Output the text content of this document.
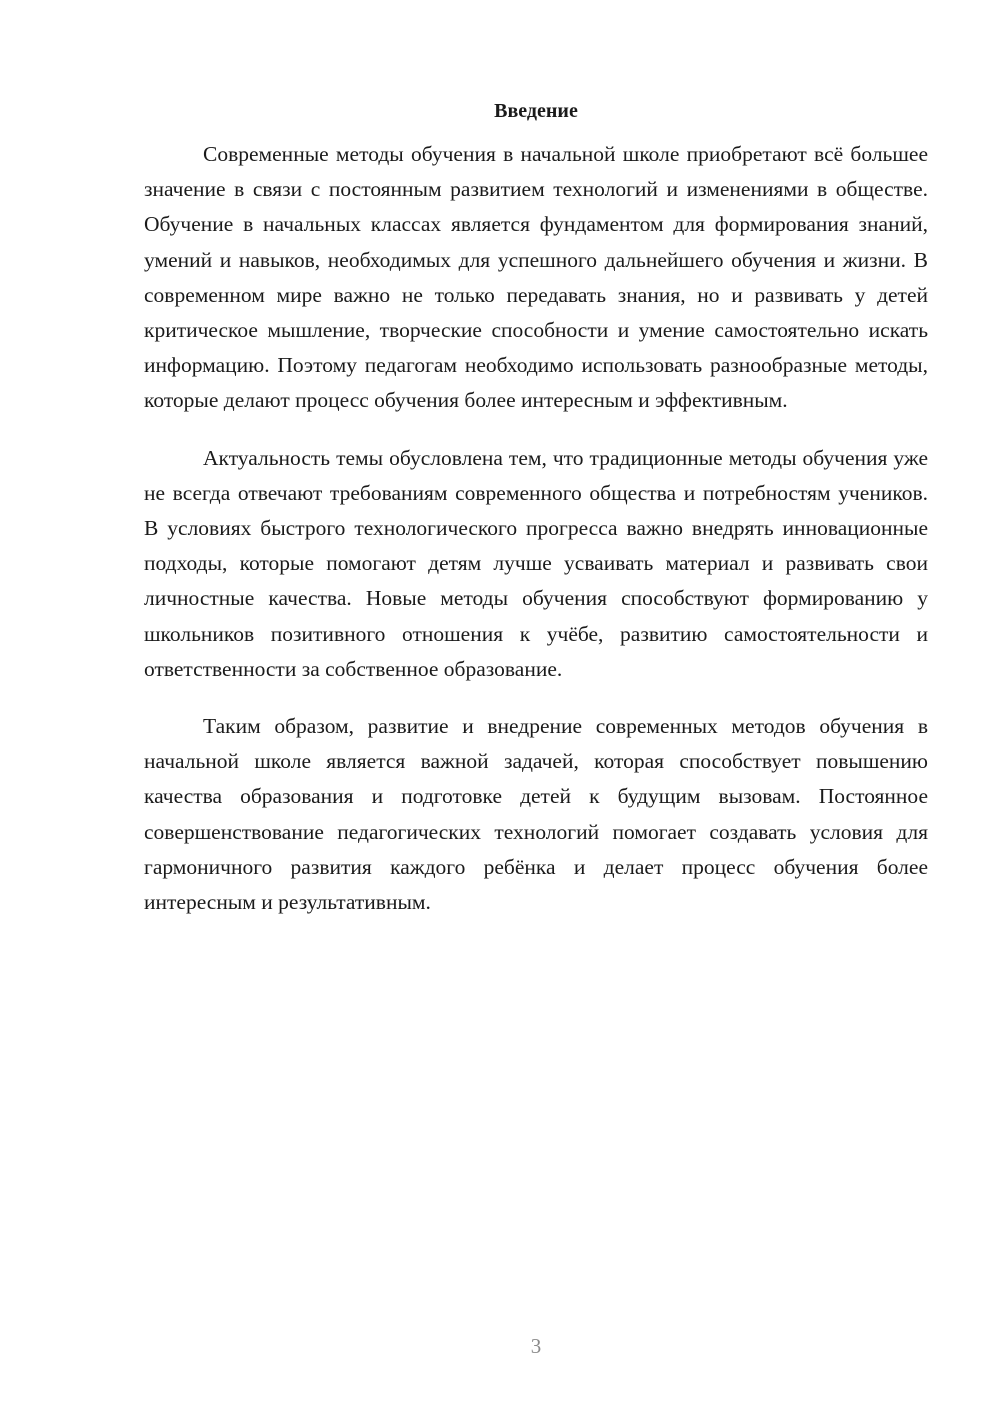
Введение

Современные методы обучения в начальной школе приобретают всё большее значение в связи с постоянным развитием технологий и изменениями в обществе. Обучение в начальных классах является фундаментом для формирования знаний, умений и навыков, необходимых для успешного дальнейшего обучения и жизни. В современном мире важно не только передавать знания, но и развивать у детей критическое мышление, творческие способности и умение самостоятельно искать информацию. Поэтому педагогам необходимо использовать разнообразные методы, которые делают процесс обучения более интересным и эффективным.

Актуальность темы обусловлена тем, что традиционные методы обучения уже не всегда отвечают требованиям современного общества и потребностям учеников. В условиях быстрого технологического прогресса важно внедрять инновационные подходы, которые помогают детям лучше усваивать материал и развивать свои личностные качества. Новые методы обучения способствуют формированию у школьников позитивного отношения к учёбе, развитию самостоятельности и ответственности за собственное образование.

Таким образом, развитие и внедрение современных методов обучения в начальной школе является важной задачей, которая способствует повышению качества образования и подготовке детей к будущим вызовам. Постоянное совершенствование педагогических технологий помогает создавать условия для гармоничного развития каждого ребёнка и делает процесс обучения более интересным и результативным.

3
